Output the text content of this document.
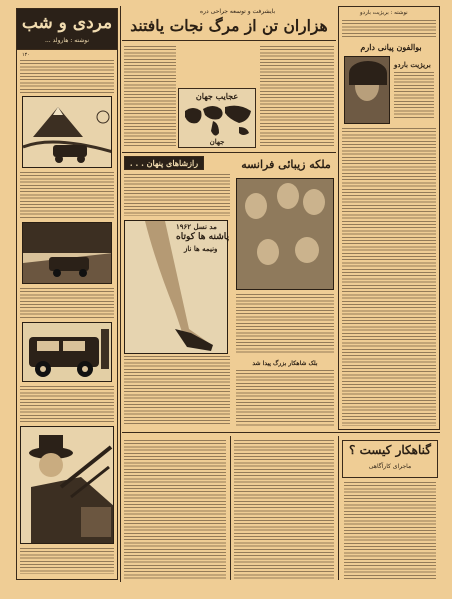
مردی و شب
نوشته : هارولد ...
۱۴۰
بایشرفت و توسعه جراحی دره
هزاران تن از مرگ نجات یافتند
عجایب جهان
جهان
رازشاهای پنهان . . .
مد نسل ۱۹۶۲
پاشنه ها کوتاه
ونیمه ها ناز
ملکه زیبائی فرانسه
بلک شاهکار بزرگ پیدا شد
نوشته : بریژیت باردو
بوالفون پیانی دارم
بریژیت باردو
گناهکار کیست ؟
ماجرای کارآگاهی
